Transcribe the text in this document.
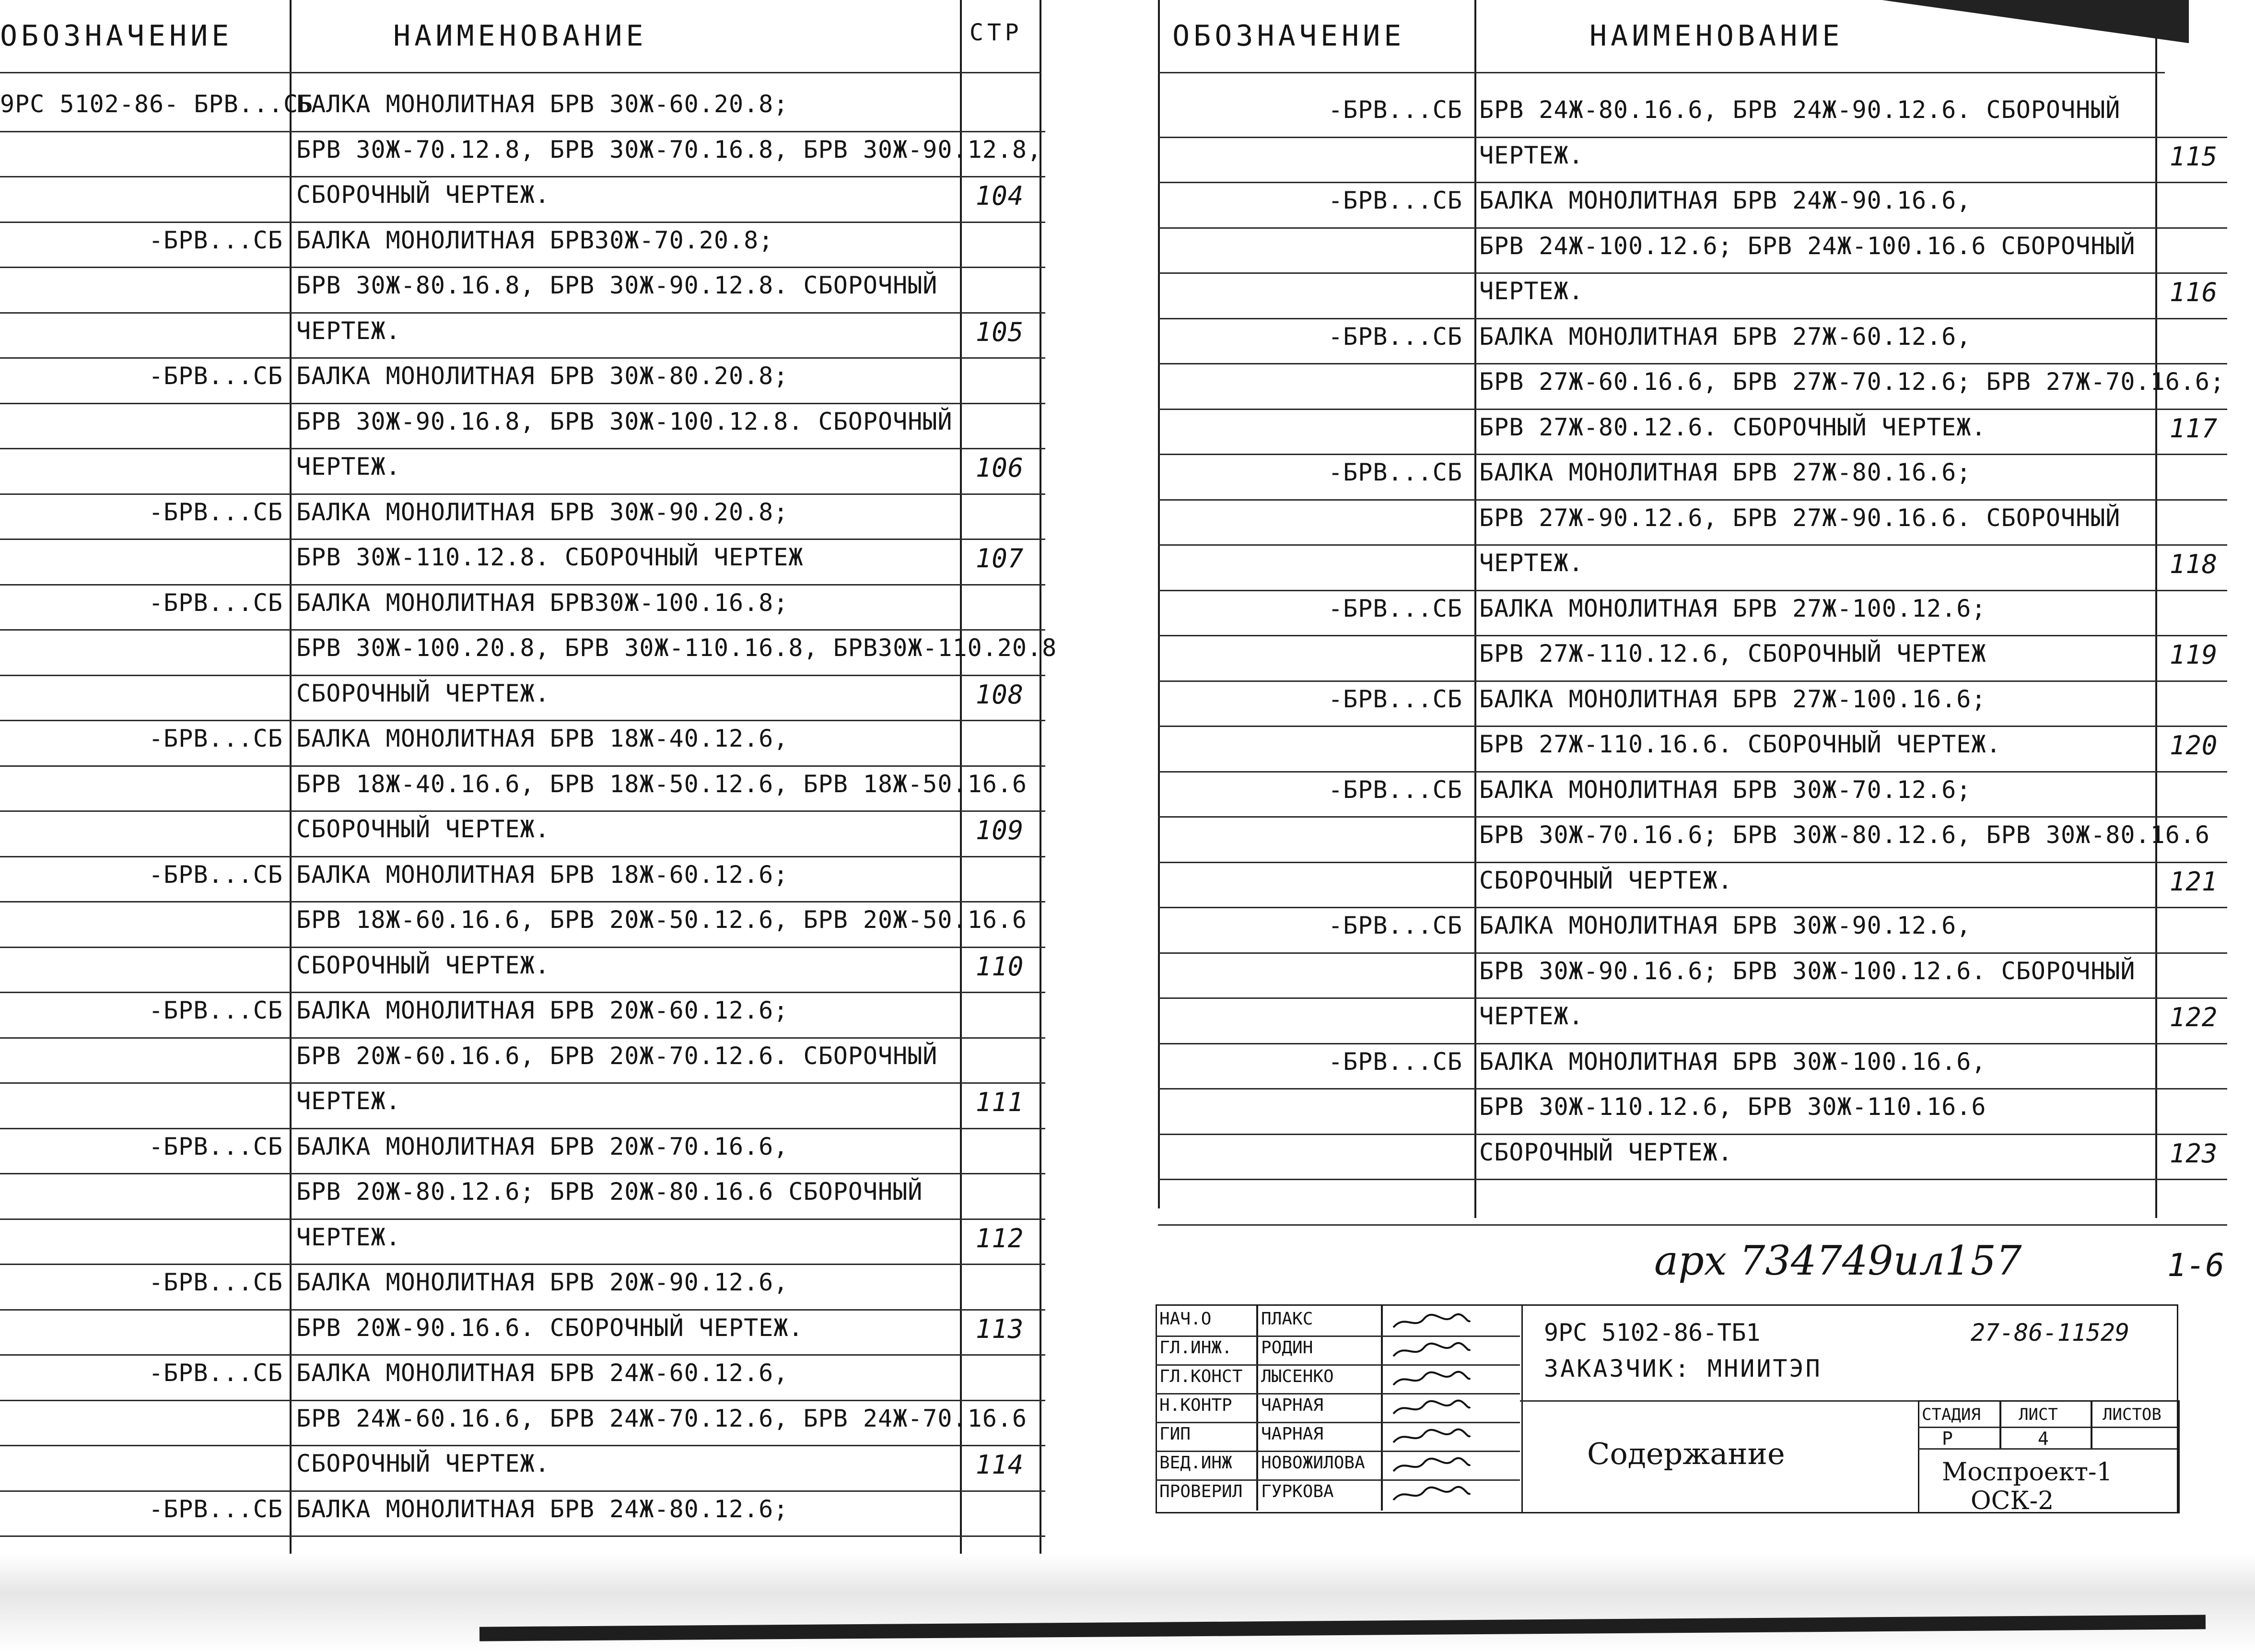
ОБОЗНАЧЕНИЕ	НАИМЕНОВАНИЕ	СТР
9РС 5102-86- БРВ...СБ
БАЛКА МОНОЛИТНАЯ БРВ 30Ж-60.20.8;
БРВ 30Ж-70.12.8, БРВ 30Ж-70.16.8, БРВ 30Ж-90.12.8,
СБОРОЧНЫЙ ЧЕРТЕЖ.	104
-БРВ...СБ БАЛКА МОНОЛИТНАЯ БРВ30Ж-70.20.8;
БРВ 30Ж-80.16.8, БРВ 30Ж-90.12.8. СБОРОЧНЫЙ
ЧЕРТЕЖ.	105
-БРВ...СБ БАЛКА МОНОЛИТНАЯ БРВ 30Ж-80.20.8;
БРВ 30Ж-90.16.8, БРВ 30Ж-100.12.8. СБОРОЧНЫЙ
ЧЕРТЕЖ.	106
-БРВ...СБ БАЛКА МОНОЛИТНАЯ БРВ 30Ж-90.20.8;
БРВ 30Ж-110.12.8. СБОРОЧНЫЙ ЧЕРТЕЖ	107
-БРВ...СБ БАЛКА МОНОЛИТНАЯ БРВ30Ж-100.16.8;
БРВ 30Ж-100.20.8, БРВ 30Ж-110.16.8, БРВ30Ж-110.20.8
СБОРОЧНЫЙ ЧЕРТЕЖ.	108
-БРВ...СБ БАЛКА МОНОЛИТНАЯ БРВ 18Ж-40.12.6,
БРВ 18Ж-40.16.6, БРВ 18Ж-50.12.6, БРВ 18Ж-50.16.6
СБОРОЧНЫЙ ЧЕРТЕЖ.	109
-БРВ...СБ БАЛКА МОНОЛИТНАЯ БРВ 18Ж-60.12.6;
БРВ 18Ж-60.16.6, БРВ 20Ж-50.12.6, БРВ 20Ж-50.16.6
СБОРОЧНЫЙ ЧЕРТЕЖ.	110
-БРВ...СБ БАЛКА МОНОЛИТНАЯ БРВ 20Ж-60.12.6;
БРВ 20Ж-60.16.6, БРВ 20Ж-70.12.6. СБОРОЧНЫЙ
ЧЕРТЕЖ.	111
-БРВ...СБ БАЛКА МОНОЛИТНАЯ БРВ 20Ж-70.16.6,
БРВ 20Ж-80.12.6; БРВ 20Ж-80.16.6 СБОРОЧНЫЙ
ЧЕРТЕЖ.	112
-БРВ...СБ БАЛКА МОНОЛИТНАЯ БРВ 20Ж-90.12.6,
БРВ 20Ж-90.16.6. СБОРОЧНЫЙ ЧЕРТЕЖ.	113
-БРВ...СБ БАЛКА МОНОЛИТНАЯ БРВ 24Ж-60.12.6,
БРВ 24Ж-60.16.6, БРВ 24Ж-70.12.6, БРВ 24Ж-70.16.6
СБОРОЧНЫЙ ЧЕРТЕЖ.	114
-БРВ...СБ БАЛКА МОНОЛИТНАЯ БРВ 24Ж-80.12.6;
ОБОЗНАЧЕНИЕ	НАИМЕНОВАНИЕ
-БРВ...СБ БРВ 24Ж-80.16.6, БРВ 24Ж-90.12.6. СБОРОЧНЫЙ
ЧЕРТЕЖ.	115
-БРВ...СБ БАЛКА МОНОЛИТНАЯ БРВ 24Ж-90.16.6,
БРВ 24Ж-100.12.6; БРВ 24Ж-100.16.6 СБОРОЧНЫЙ
ЧЕРТЕЖ.	116
-БРВ...СБ БАЛКА МОНОЛИТНАЯ БРВ 27Ж-60.12.6,
БРВ 27Ж-60.16.6, БРВ 27Ж-70.12.6; БРВ 27Ж-70.16.6;
БРВ 27Ж-80.12.6. СБОРОЧНЫЙ ЧЕРТЕЖ.	117
-БРВ...СБ БАЛКА МОНОЛИТНАЯ БРВ 27Ж-80.16.6;
БРВ 27Ж-90.12.6, БРВ 27Ж-90.16.6. СБОРОЧНЫЙ
ЧЕРТЕЖ.	118
-БРВ...СБ БАЛКА МОНОЛИТНАЯ БРВ 27Ж-100.12.6;
БРВ 27Ж-110.12.6, СБОРОЧНЫЙ ЧЕРТЕЖ	119
-БРВ...СБ БАЛКА МОНОЛИТНАЯ БРВ 27Ж-100.16.6;
БРВ 27Ж-110.16.6. СБОРОЧНЫЙ ЧЕРТЕЖ.	120
-БРВ...СБ БАЛКА МОНОЛИТНАЯ БРВ 30Ж-70.12.6;
БРВ 30Ж-70.16.6; БРВ 30Ж-80.12.6, БРВ 30Ж-80.16.6
СБОРОЧНЫЙ ЧЕРТЕЖ.	121
-БРВ...СБ БАЛКА МОНОЛИТНАЯ БРВ 30Ж-90.12.6,
БРВ 30Ж-90.16.6; БРВ 30Ж-100.12.6. СБОРОЧНЫЙ
ЧЕРТЕЖ.	122
-БРВ...СБ БАЛКА МОНОЛИТНАЯ БРВ 30Ж-100.16.6,
БРВ 30Ж-110.12.6, БРВ 30Ж-110.16.6
СБОРОЧНЫЙ ЧЕРТЕЖ.	123
арх 734749ил157	1-6
НАЧ.О	ПЛАКС
ГЛ.ИНЖ. РОДИН
ГЛ.КОНСТ ЛЫСЕНКО
Н.КОНТР ЧАРНАЯ
ГИП	ЧАРНАЯ
ВЕД.ИНЖ НОВОЖИЛОВА
ПРОВЕРИЛ ГУРКОВА
9РС 5102-86-ТБ1	27-86-11529
ЗАКАЗЧИК: МНИИТЭП
Содержание
СТАДИЯ ЛИСТ	ЛИСТОВ
Р	4
Моспроект-1
ОСК-2
